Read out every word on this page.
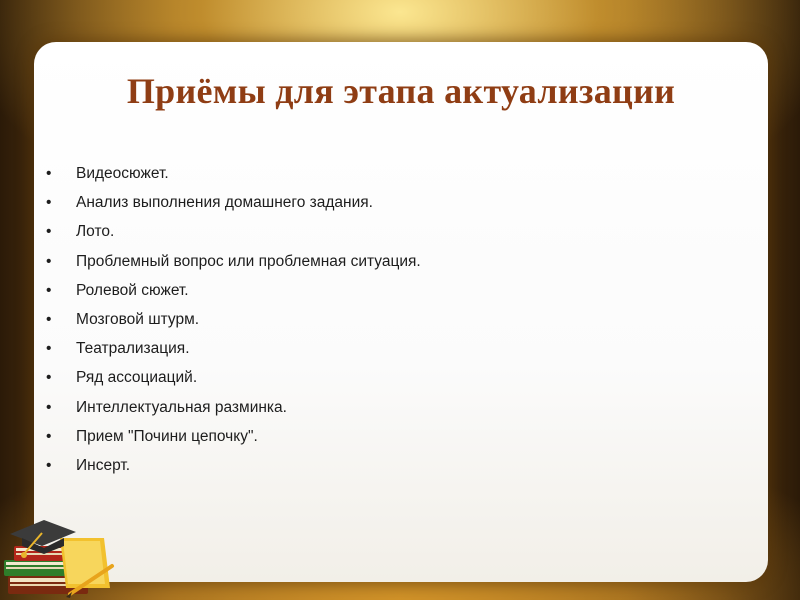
Приёмы для этапа актуализации
• Видеосюжет.
• Анализ выполнения домашнего задания.
• Лото.
• Проблемный вопрос или проблемная ситуация.
• Ролевой сюжет.
• Мозговой штурм.
• Театрализация.
• Ряд ассоциаций.
• Интеллектуальная разминка.
• Прием "Почини цепочку".
• Инсерт.
